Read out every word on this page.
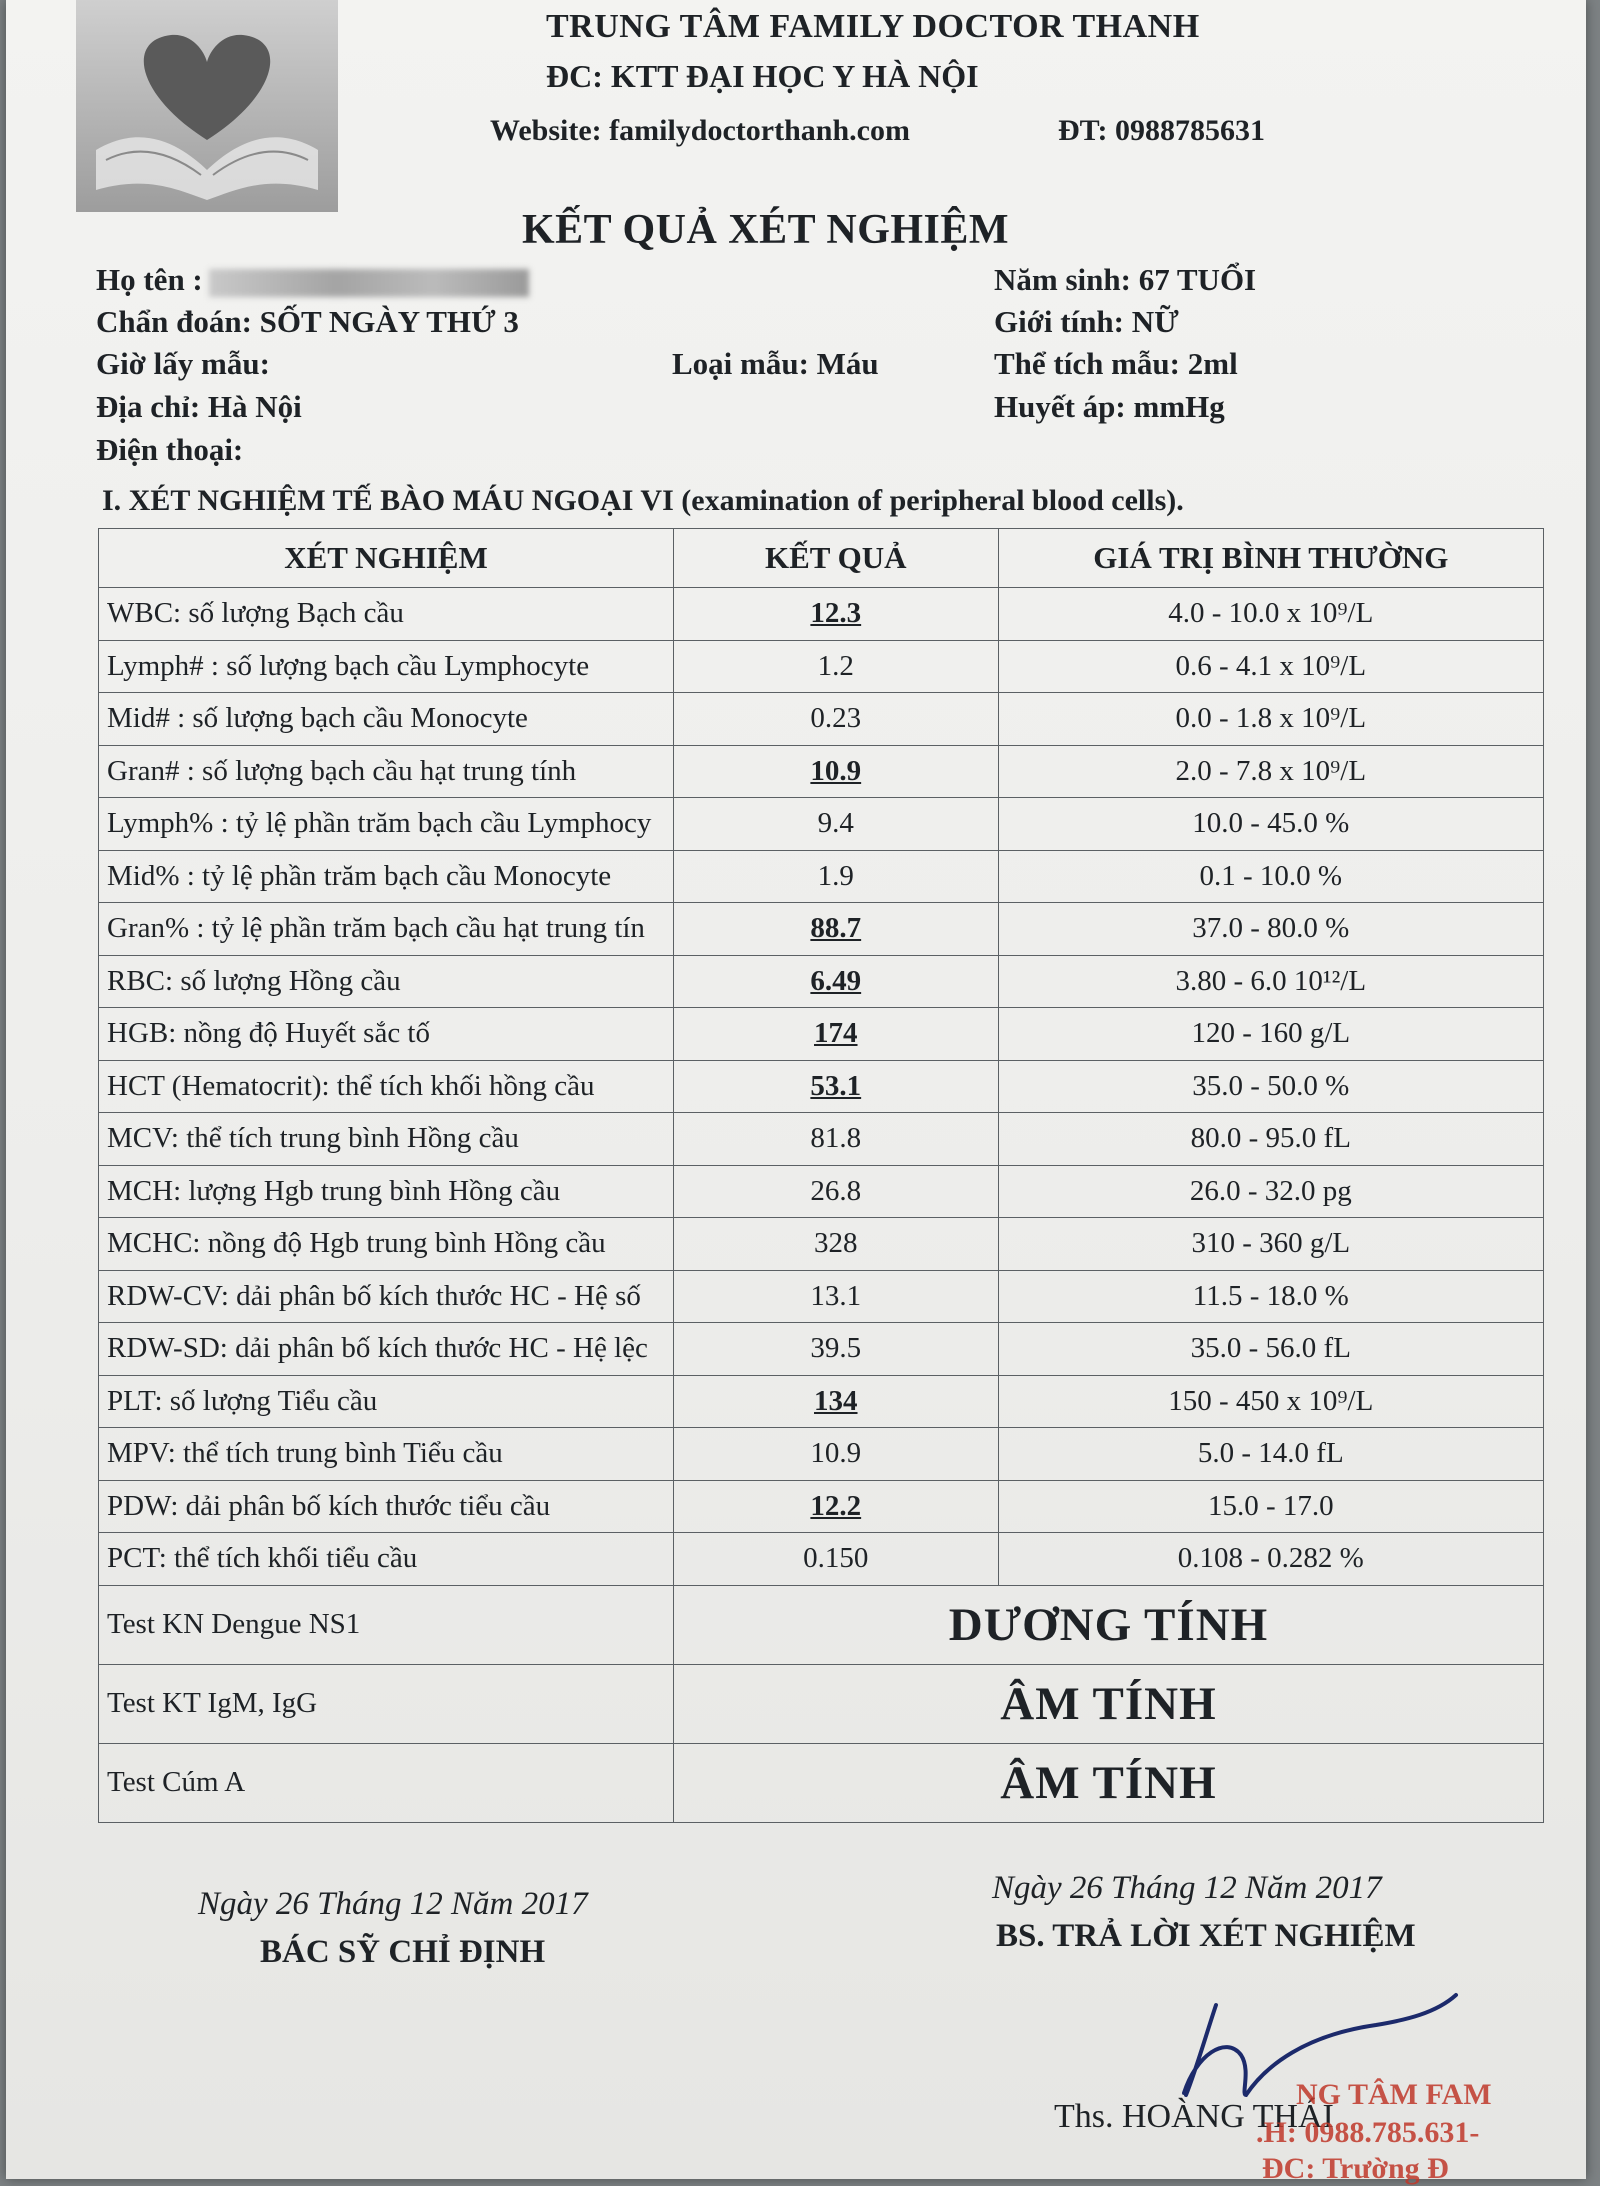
TRUNG TÂM FAMILY DOCTOR THANH
ĐC: KTT ĐẠI HỌC Y HÀ NỘI
Website: familydoctorthanh.com	ĐT: 0988785631
KẾT QUẢ XÉT NGHIỆM
Họ tên :	Năm sinh: 67 TUỔI
Chẩn đoán: SỐT NGÀY THỨ 3	Giới tính: NỮ
Giờ lấy mẫu:	Loại mẫu: Máu	Thể tích mẫu: 2ml
Địa chỉ: Hà Nội	Huyết áp: mmHg
Điện thoại:
I. XÉT NGHIỆM TẾ BÀO MÁU NGOẠI VI (examination of peripheral blood cells).
XÉT NGHIỆM	KẾT QUẢ	GIÁ TRỊ BÌNH THƯỜNG
WBC: số lượng Bạch cầu	12.3	4.0 - 10.0 x 10⁹/L
Lymph# : số lượng bạch cầu Lymphocyte	1.2	0.6 - 4.1 x 10⁹/L
Mid# : số lượng bạch cầu Monocyte	0.23	0.0 - 1.8 x 10⁹/L
Gran# : số lượng bạch cầu hạt trung tính	10.9	2.0 - 7.8 x 10⁹/L
Lymph% : tỷ lệ phần trăm bạch cầu Lymphocy	9.4	10.0 - 45.0 %
Mid% : tỷ lệ phần trăm bạch cầu Monocyte	1.9	0.1 - 10.0 %
Gran% : tỷ lệ phần trăm bạch cầu hạt trung tín	88.7	37.0 - 80.0 %
RBC: số lượng Hồng cầu	6.49	3.80 - 6.0 10¹²/L
HGB: nồng độ Huyết sắc tố	174	120 - 160 g/L
HCT (Hematocrit): thể tích khối hồng cầu	53.1	35.0 - 50.0 %
MCV: thể tích trung bình Hồng cầu	81.8	80.0 - 95.0 fL
MCH: lượng Hgb trung bình Hồng cầu	26.8	26.0 - 32.0 pg
MCHC: nồng độ Hgb trung bình Hồng cầu	328	310 - 360 g/L
RDW-CV: dải phân bố kích thước HC - Hệ số	13.1	11.5 - 18.0 %
RDW-SD: dải phân bố kích thước HC - Hệ lệc	39.5	35.0 - 56.0 fL
PLT: số lượng Tiểu cầu	134	150 - 450 x 10⁹/L
MPV: thể tích trung bình Tiểu cầu	10.9	5.0 - 14.0 fL
PDW: dải phân bố kích thước tiểu cầu	12.2	15.0 - 17.0
PCT: thể tích khối tiểu cầu	0.150	0.108 - 0.282 %
Test KN Dengue NS1	DƯƠNG TÍNH	
Test KT IgM, IgG	ÂM TÍNH	
Test Cúm A	ÂM TÍNH	
Ngày 26 Tháng 12 Năm 2017
BÁC SỸ CHỈ ĐỊNH
Ngày 26 Tháng 12 Năm 2017
BS. TRẢ LỜI XÉT NGHIỆM
Ths. HOÀNG THÁI
NG TÂM FAM
.H: 0988.785.631-
ĐC: Trường Đ
